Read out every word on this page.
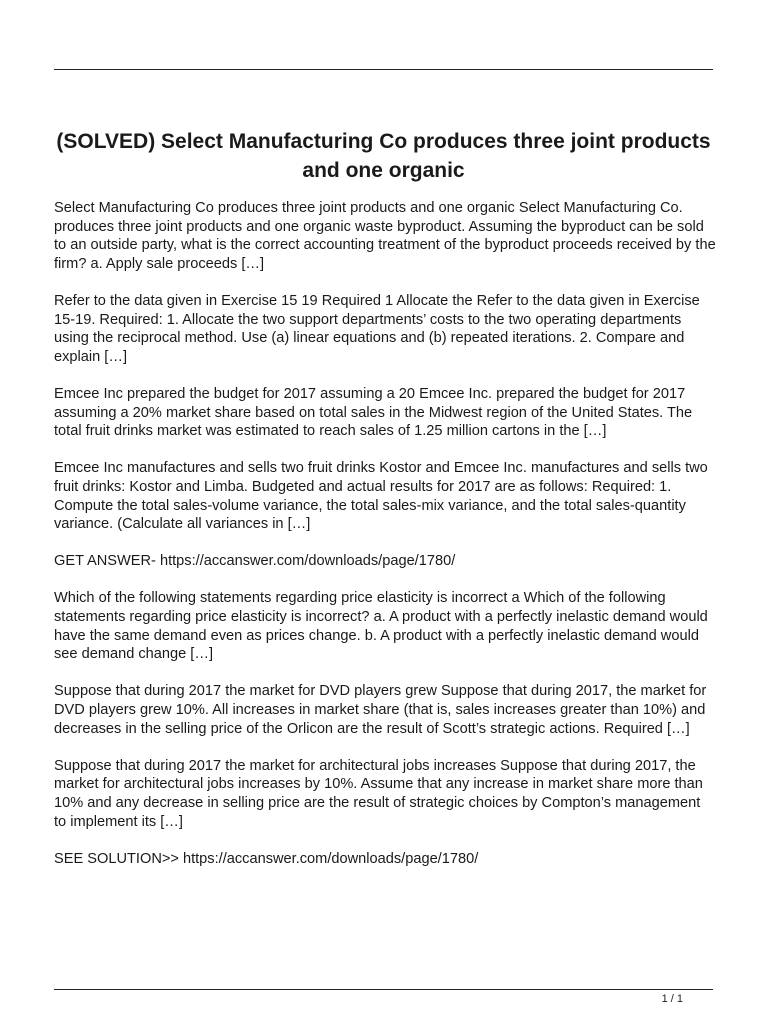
(SOLVED) Select Manufacturing Co produces three joint products and one organic

Select Manufacturing Co produces three joint products and one organic Select Manufacturing Co. produces three joint products and one organic waste byproduct. Assuming the byproduct can be sold to an outside party, what is the correct accounting treatment of the byproduct proceeds received by the firm? a. Apply sale proceeds […]

Refer to the data given in Exercise 15 19 Required 1 Allocate the Refer to the data given in Exercise 15-19. Required: 1. Allocate the two support departments’ costs to the two operating departments using the reciprocal method. Use (a) linear equations and (b) repeated iterations. 2. Compare and explain […]

Emcee Inc prepared the budget for 2017 assuming a 20 Emcee Inc. prepared the budget for 2017 assuming a 20% market share based on total sales in the Midwest region of the United States. The total fruit drinks market was estimated to reach sales of 1.25 million cartons in the […]

Emcee Inc manufactures and sells two fruit drinks Kostor and Emcee Inc. manufactures and sells two fruit drinks: Kostor and Limba. Budgeted and actual results for 2017 are as follows: Required: 1. Compute the total sales-volume variance, the total sales-mix variance, and the total sales-quantity variance. (Calculate all variances in […]

GET ANSWER- https://accanswer.com/downloads/page/1780/

Which of the following statements regarding price elasticity is incorrect a Which of the following statements regarding price elasticity is incorrect? a. A product with a perfectly inelastic demand would have the same demand even as prices change. b. A product with a perfectly inelastic demand would see demand change […]

Suppose that during 2017 the market for DVD players grew Suppose that during 2017, the market for DVD players grew 10%. All increases in market share (that is, sales increases greater than 10%) and decreases in the selling price of the Orlicon are the result of Scott’s strategic actions. Required […]

Suppose that during 2017 the market for architectural jobs increases Suppose that during 2017, the market for architectural jobs increases by 10%. Assume that any increase in market share more than 10% and any decrease in selling price are the result of strategic choices by Compton’s management to implement its […]

SEE SOLUTION>> https://accanswer.com/downloads/page/1780/

1 / 1
